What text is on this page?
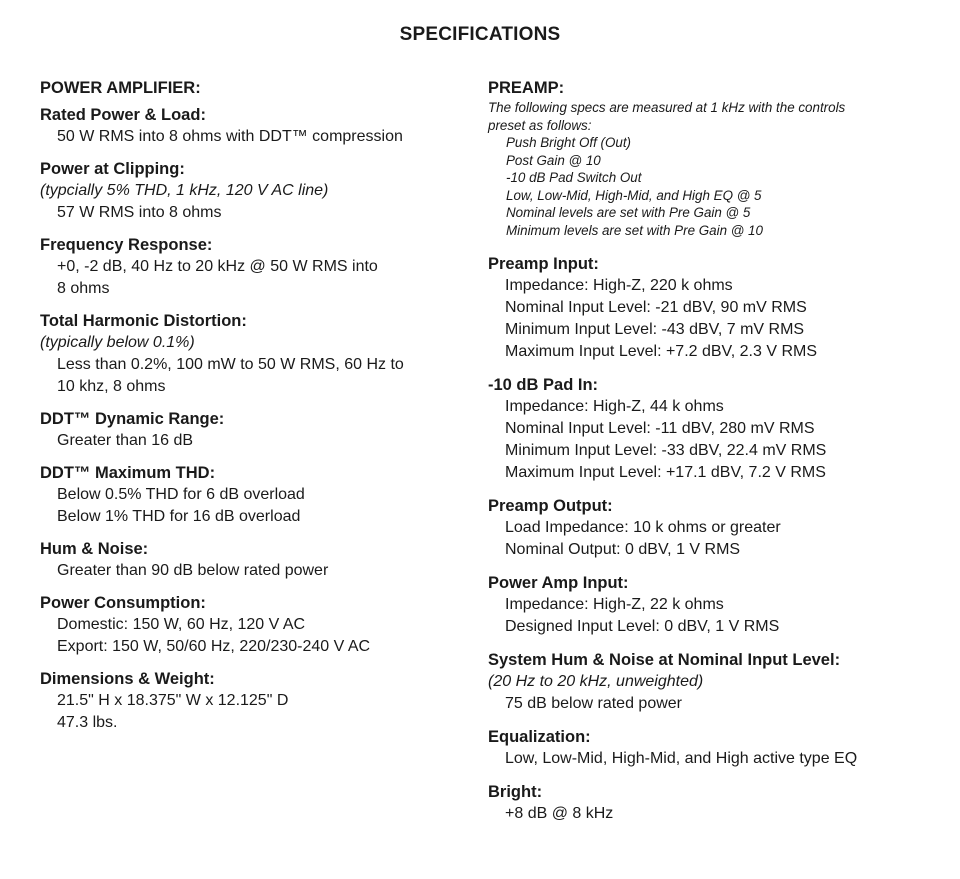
SPECIFICATIONS
POWER AMPLIFIER:
Rated Power & Load:
50 W RMS into 8 ohms with DDT™ compression
Power at Clipping:
(typcially 5% THD, 1 kHz, 120 V AC line)
57 W RMS into 8 ohms
Frequency Response:
+0, -2 dB, 40 Hz to 20 kHz @ 50 W RMS into
8 ohms
Total Harmonic Distortion:
(typically below 0.1%)
Less than 0.2%, 100 mW to 50 W RMS, 60 Hz to
10 khz, 8 ohms
DDT™ Dynamic Range:
Greater than 16 dB
DDT™ Maximum THD:
Below 0.5% THD for 6 dB overload
Below 1% THD for 16 dB overload
Hum & Noise:
Greater than 90 dB below rated power
Power Consumption:
Domestic: 150 W, 60 Hz, 120 V AC
Export: 150 W, 50/60 Hz, 220/230-240 V AC
Dimensions & Weight:
21.5" H x 18.375" W x 12.125" D
47.3 lbs.
PREAMP:
The following specs are measured at 1 kHz with the controls
preset as follows:
Push Bright Off (Out)
Post Gain @ 10
-10 dB Pad Switch Out
Low, Low-Mid, High-Mid, and High EQ @ 5
Nominal levels are set with Pre Gain @ 5
Minimum levels are set with Pre Gain @ 10
Preamp Input:
Impedance: High-Z, 220 k ohms
Nominal Input Level: -21 dBV, 90 mV RMS
Minimum Input Level: -43 dBV, 7 mV RMS
Maximum Input Level: +7.2 dBV, 2.3 V RMS
-10 dB Pad In:
Impedance: High-Z, 44 k ohms
Nominal Input Level: -11 dBV, 280 mV RMS
Minimum Input Level: -33 dBV, 22.4 mV RMS
Maximum Input Level: +17.1 dBV, 7.2 V RMS
Preamp Output:
Load Impedance: 10 k ohms or greater
Nominal Output: 0 dBV, 1 V RMS
Power Amp Input:
Impedance: High-Z, 22 k ohms
Designed Input Level: 0 dBV, 1 V RMS
System Hum & Noise at Nominal Input Level:
(20 Hz to 20 kHz, unweighted)
75 dB below rated power
Equalization:
Low, Low-Mid, High-Mid, and High active type EQ
Bright:
+8 dB @ 8 kHz
